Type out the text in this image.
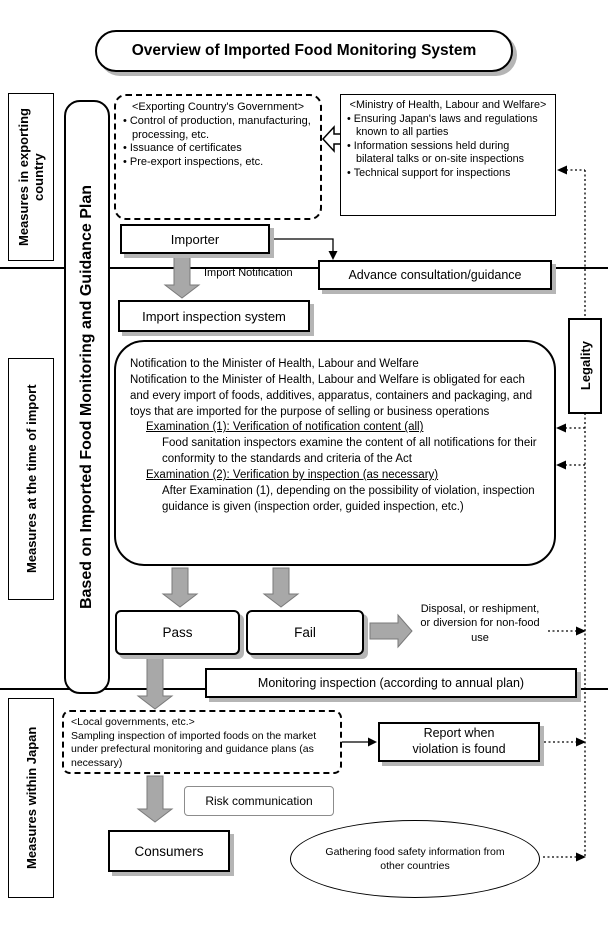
Overview of Imported Food Monitoring System
Measures in exporting country
Measures at the time of import
Measures within Japan
Based on Imported Food Monitoring and Guidance Plan	Legality
<Exporting Country's Government>
• Control of production, manufacturing, processing, etc.
• Issuance of certificates
• Pre-export inspections, etc.
<Ministry of Health, Labour and Welfare>
• Ensuring Japan's laws and regulations known to all parties
• Information sessions held during bilateral talks or on-site inspections
• Technical support for inspections
Importer
Import Notification	Advance consultation/guidance
Import inspection system
Notification to the Minister of Health, Labour and Welfare
Notification to the Minister of Health, Labour and Welfare is obligated for each and every import of foods, additives, apparatus, containers and packaging, and toys that are imported for the purpose of selling or business operations
Examination (1): Verification of notification content (all)
Food sanitation inspectors examine the content of all notifications for their conformity to the standards and criteria of the Act
Examination (2): Verification by inspection (as necessary)
After Examination (1), depending on the possibility of violation, inspection guidance is given (inspection order, guided inspection, etc.)
Pass	Fail
Disposal, or reshipment, or diversion for non-food use
Monitoring inspection (according to annual plan)
<Local governments, etc.>
Sampling inspection of imported foods on the market under prefectural monitoring and guidance plans (as necessary)
Report when violation is found
Risk communication
Consumers	Gathering food safety information from other countries
